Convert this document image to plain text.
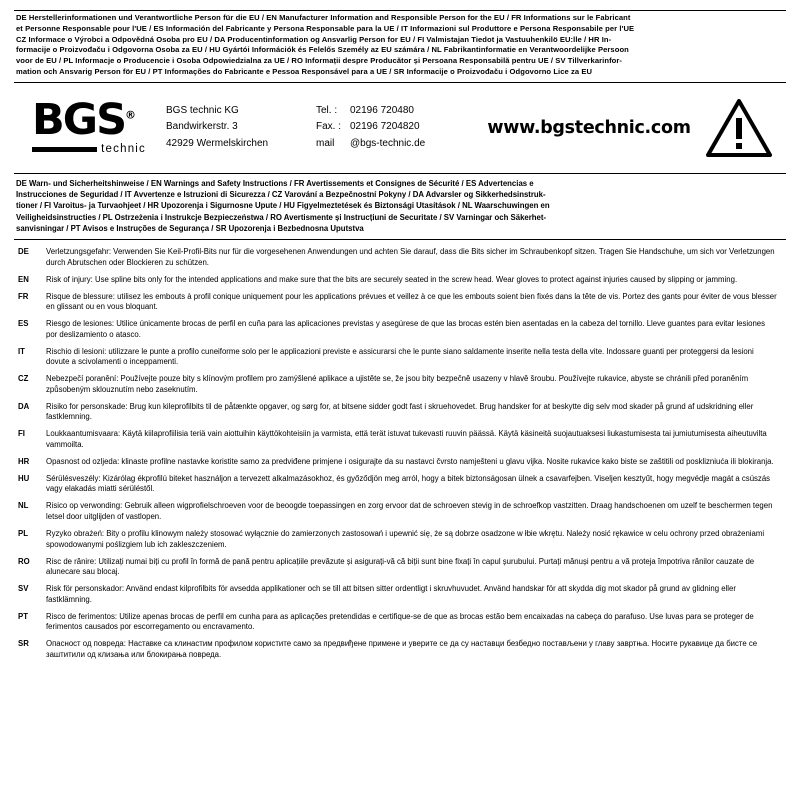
DE Herstellerinformationen und Verantwortliche Person für die EU / EN Manufacturer Information and Responsible Person for the EU / FR Informations sur le Fabricant
et Personne Responsable pour l'UE / ES Información del Fabricante y Persona Responsable para la UE / IT Informazioni sul Produttore e Persona Responsabile per l'UE
CZ Informace o Výrobci a Odpovědná Osoba pro EU / DA Producentinformation og Ansvarlig Person for EU / FI Valmistajan Tiedot ja Vastuuhenkilö EU:lle / HR In-
formacije o Proizvođaču i Odgovorna Osoba za EU / HU Gyártói Információk és Felelős Személy az EU számára / NL Fabrikantinformatie en Verantwoordelijke Persoon
voor de EU / PL Informacje o Producencie i Osoba Odpowiedzialna za UE / RO Informații despre Producător și Persoana Responsabilă pentru UE / SV Tillverkarinfor-
mation och Ansvarig Person för EU / PT Informações do Fabricante e Pessoa Responsável para a UE / SR Informacije o Proizvođaču i Odgovorno Lice za EU
BGS®
technic
BGS technic KG
Bandwirkerstr. 3
42929 Wermelskirchen
Tel. :	02196 720480
Fax. : 02196 7204820
mail	@bgs-technic.de
www.bgstechnic.com
DE Warn- und Sicherheitshinweise / EN Warnings and Safety Instructions / FR Avertissements et Consignes de Sécurité / ES Advertencias e
Instrucciones de Seguridad / IT Avvertenze e Istruzioni di Sicurezza / CZ Varování a Bezpečnostní Pokyny / DA Advarsler og Sikkerhedsinstruk-
tioner / FI Varoitus- ja Turvaohjeet / HR Upozorenja i Sigurnosne Upute / HU Figyelmeztetések és Biztonsági Utasítások / NL Waarschuwingen en
Veiligheidsinstructies / PL Ostrzeżenia i Instrukcje Bezpieczeństwa / RO Avertismente și Instrucțiuni de Securitate / SV Varningar och Säkerhet-
sanvisningar / PT Avisos e Instruções de Segurança / SR Upozorenja i Bezbednosna Uputstva
DE	Verletzungsgefahr: Verwenden Sie Keil-Profil-Bits nur für die vorgesehenen Anwendungen und achten Sie darauf, dass die Bits sicher im Schraubenkopf sitzen. Tragen Sie Handschuhe, um sich vor Verletzungen durch Abrutschen oder Blockieren zu schützen.
EN	Risk of injury: Use spline bits only for the intended applications and make sure that the bits are securely seated in the screw head. Wear gloves to protect against injuries caused by slipping or jamming.
FR	Risque de blessure: utilisez les embouts à profil conique uniquement pour les applications prévues et veillez à ce que les embouts soient bien fixés dans la tête de vis. Portez des gants pour éviter de vous blesser en glissant ou en vous bloquant.
ES	Riesgo de lesiones: Utilice únicamente brocas de perfil en cuña para las aplicaciones previstas y asegúrese de que las brocas estén bien asentadas en la cabeza del tornillo. Lleve guantes para evitar lesiones por deslizamiento o atasco.
IT	Rischio di lesioni: utilizzare le punte a profilo cuneiforme solo per le applicazioni previste e assicurarsi che le punte siano saldamente inserite nella testa della vite. Indossare guanti per proteggersi da lesioni dovute a scivolamenti o inceppamenti.
CZ	Nebezpečí poranění: Používejte pouze bity s klínovým profilem pro zamýšlené aplikace a ujistěte se, že jsou bity bezpečně usazeny v hlavě šroubu. Používejte rukavice, abyste se chránili před poraněním způsobeným sklouznutím nebo zaseknutím.
DA	Risiko for personskade: Brug kun kileprofilbits til de påtænkte opgaver, og sørg for, at bitsene sidder godt fast i skruehovedet. Brug handsker for at beskytte dig selv mod skader på grund af udskridning eller fastklemning.
FI	Loukkaantumisvaara: Käytä kiilaprofiilisia teriä vain aiottuihin käyttökohteisiin ja varmista, että terät istuvat tukevasti ruuvin päässä. Käytä käsineitä suojautuaksesi liukastumisesta tai jumiutumisesta aiheutuvilta vammoilta.
HR	Opasnost od ozljeda: klinaste profilne nastavke koristite samo za predviđene primjene i osigurajte da su nastavci čvrsto namješteni u glavu vijka. Nosite rukavice kako biste se zaštitili od posklizniuća ili blokiranja.
HU	Sérülésveszély: Kizárólag ékprofilú biteket használjon a tervezett alkalmazásokhoz, és győződjön meg arról, hogy a bitek biztonságosan ülnek a csavarfejben. Viseljen kesztyűt, hogy megvédje magát a csúszás vagy elakadás miatti sérüléstől.
NL	Risico op verwonding: Gebruik alleen wigprofielschroeven voor de beoogde toepassingen en zorg ervoor dat de schroeven stevig in de schroefkop vastzitten. Draag handschoenen om uzelf te beschermen tegen letsel door uitglijden of vastlopen.
PL	Ryzyko obrażeń: Bity o profilu klinowym należy stosować wyłącznie do zamierzonych zastosowań i upewnić się, że są dobrze osadzone w łbie wkrętu. Należy nosić rękawice w celu ochrony przed obrażeniami spowodowanymi poślizgiem lub ich zakleszczeniem.
RO	Risc de rănire: Utilizați numai biți cu profil în formă de pană pentru aplicațiile prevăzute și asigurați-vă că biții sunt bine fixați în capul șurubului. Purtați mănuși pentru a vă proteja împotriva rănilor cauzate de alunecare sau blocaj.
SV	Risk för personskador: Använd endast kilprofilbits för avsedda applikationer och se till att bitsen sitter ordentligt i skruvhuvudet. Använd handskar för att skydda dig mot skador på grund av glidning eller fastklämning.
PT	Risco de ferimentos: Utilize apenas brocas de perfil em cunha para as aplicações pretendidas e certifique-se de que as brocas estão bem encaixadas na cabeça do parafuso. Use luvas para se proteger de ferimentos causados por escorregamento ou encravamento.
SR	Опасност од повреда: Наставке са клинастим профилом користите само за предвиђене примене и уверите се да су наставци безбедно постављени у главу завртња. Носите рукавице да бисте се заштитили од клизања или блокирања повреда.
